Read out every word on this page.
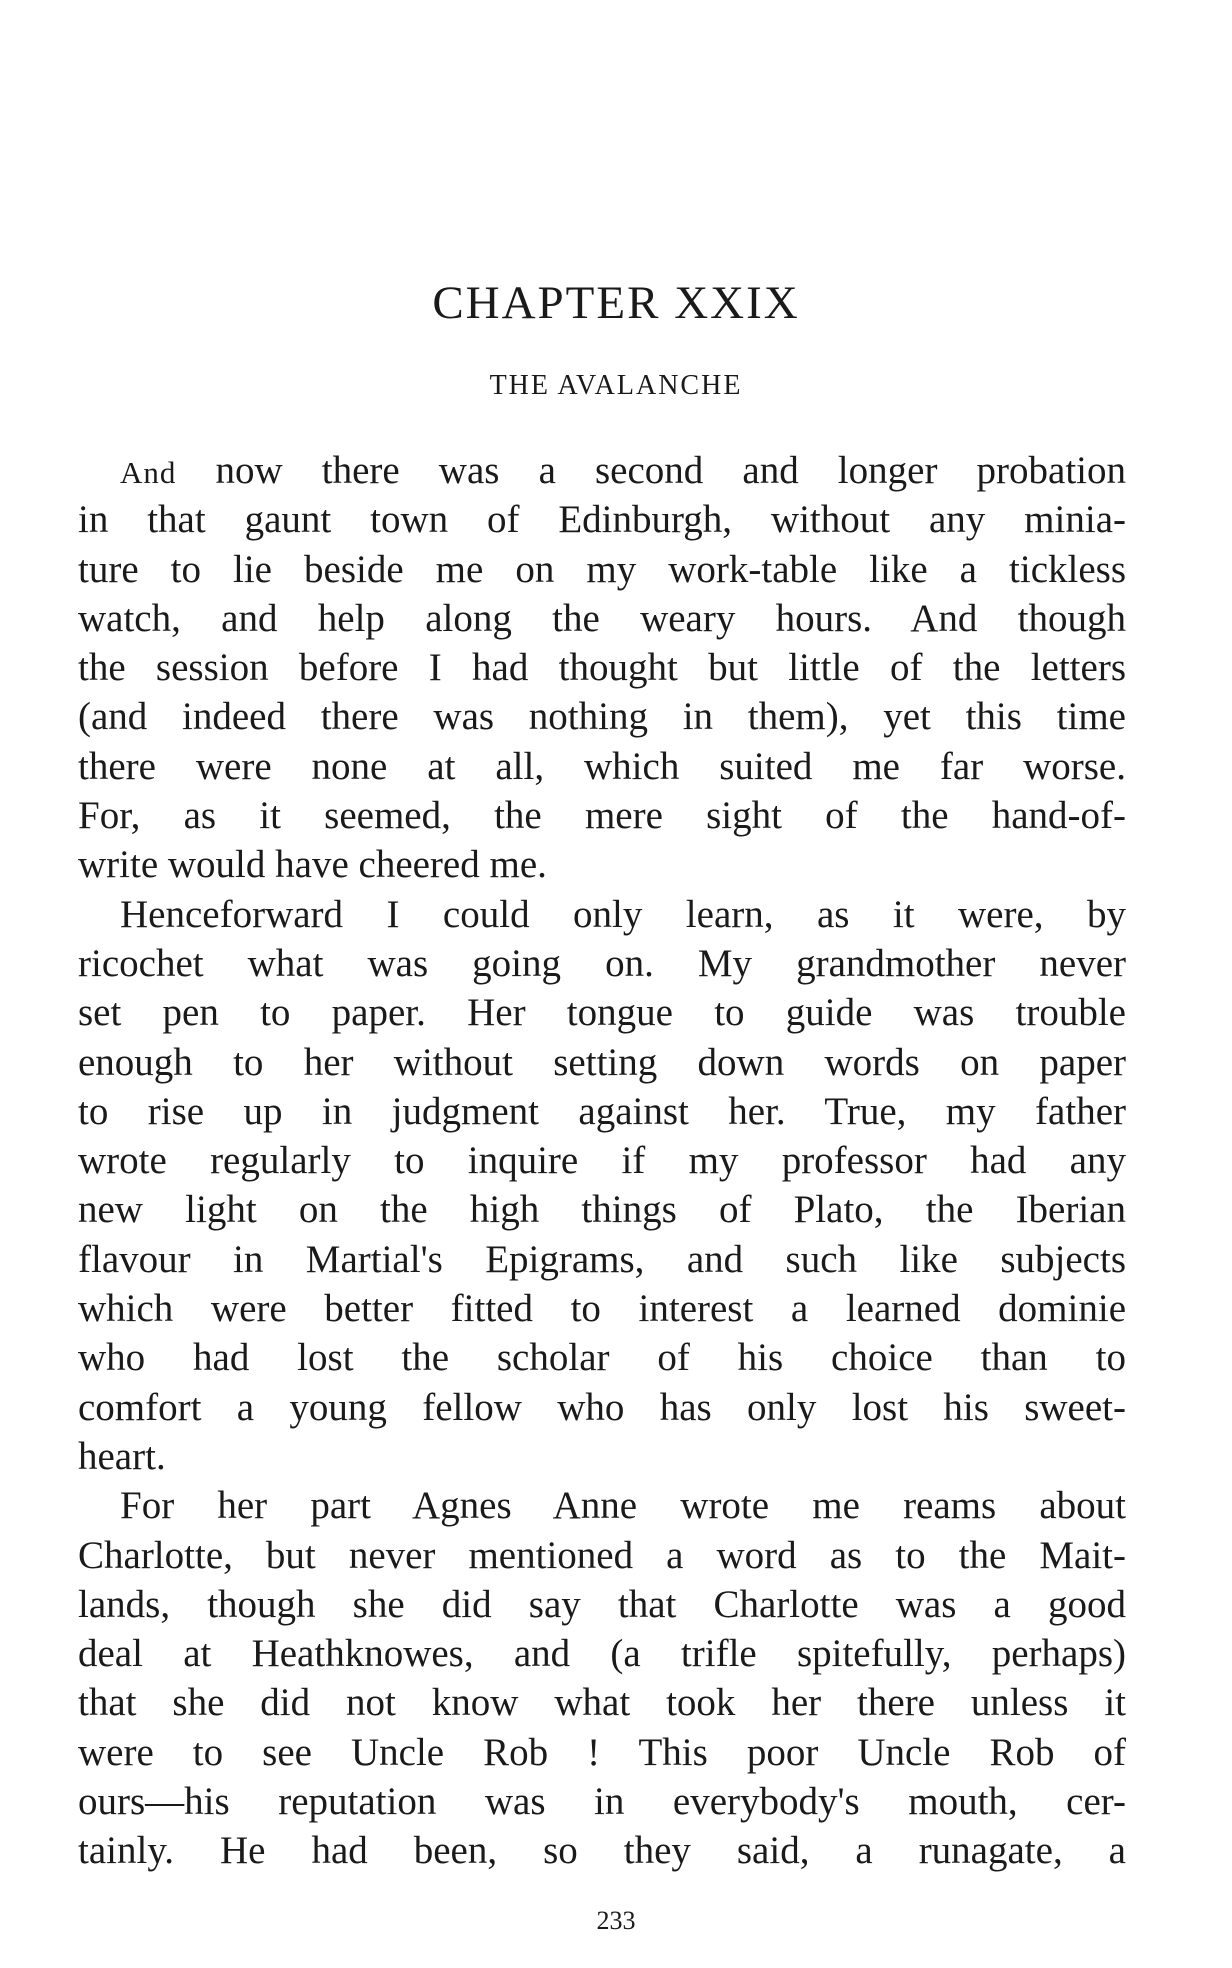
CHAPTER XXIX
THE AVALANCHE
And now there was a second and longer probation
in that gaunt town of Edinburgh, without any minia-
ture to lie beside me on my work-table like a tickless
watch, and help along the weary hours. And though
the session before I had thought but little of the letters
(and indeed there was nothing in them), yet this time
there were none at all, which suited me far worse.
For, as it seemed, the mere sight of the hand-of-
write would have cheered me.
Henceforward I could only learn, as it were, by
ricochet what was going on. My grandmother never
set pen to paper. Her tongue to guide was trouble
enough to her without setting down words on paper
to rise up in judgment against her. True, my father
wrote regularly to inquire if my professor had any
new light on the high things of Plato, the Iberian
flavour in Martial's Epigrams, and such like subjects
which were better fitted to interest a learned dominie
who had lost the scholar of his choice than to
comfort a young fellow who has only lost his sweet-
heart.
For her part Agnes Anne wrote me reams about
Charlotte, but never mentioned a word as to the Mait-
lands, though she did say that Charlotte was a good
deal at Heathknowes, and (a trifle spitefully, perhaps)
that she did not know what took her there unless it
were to see Uncle Rob ! This poor Uncle Rob of
ours—his reputation was in everybody's mouth, cer-
tainly. He had been, so they said, a runagate, a
233
